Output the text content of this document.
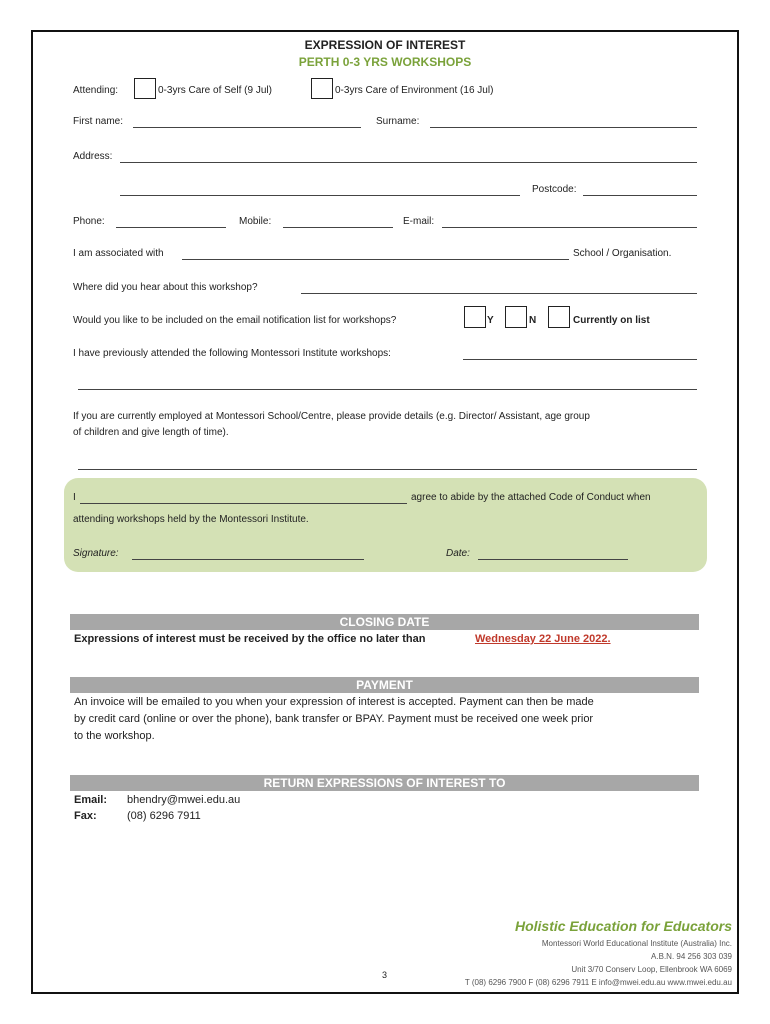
EXPRESSION OF INTEREST
PERTH 0-3 YRS WORKSHOPS
Attending:	0-3yrs Care of Self (9 Jul)	0-3yrs Care of Environment (16 Jul)
First name:	Surname:
Address:
Postcode:
Phone:	Mobile:	E-mail:
I am associated with	School / Organisation.
Where did you hear about this workshop?
Would you like to be included on the email notification list for workshops?	Y	N	Currently on list
I have previously attended the following Montessori Institute workshops:
If you are currently employed at Montessori School/Centre, please provide details (e.g. Director/ Assistant, age group
of children and give length of time).
I	agree to abide by the attached Code of Conduct when
attending workshops held by the Montessori Institute.
Signature:	Date:
CLOSING DATE
Expressions of interest must be received by the office no later than	Wednesday 22 June 2022.
PAYMENT
An invoice will be emailed to you when your expression of interest is accepted. Payment can then be made
by credit card (online or over the phone), bank transfer or BPAY. Payment must be received one week prior
to the workshop.
RETURN EXPRESSIONS OF INTEREST TO
Email: bhendry@mwei.edu.au
Fax:	(08) 6296 7911
Holistic Education for Educators
Montessori World Educational Institute (Australia) Inc.
A.B.N. 94 256 303 039
Unit 3/70 Conserv Loop, Ellenbrook WA 6069
T (08) 6296 7900 F (08) 6296 7911 E info@mwei.edu.au www.mwei.edu.au
3
